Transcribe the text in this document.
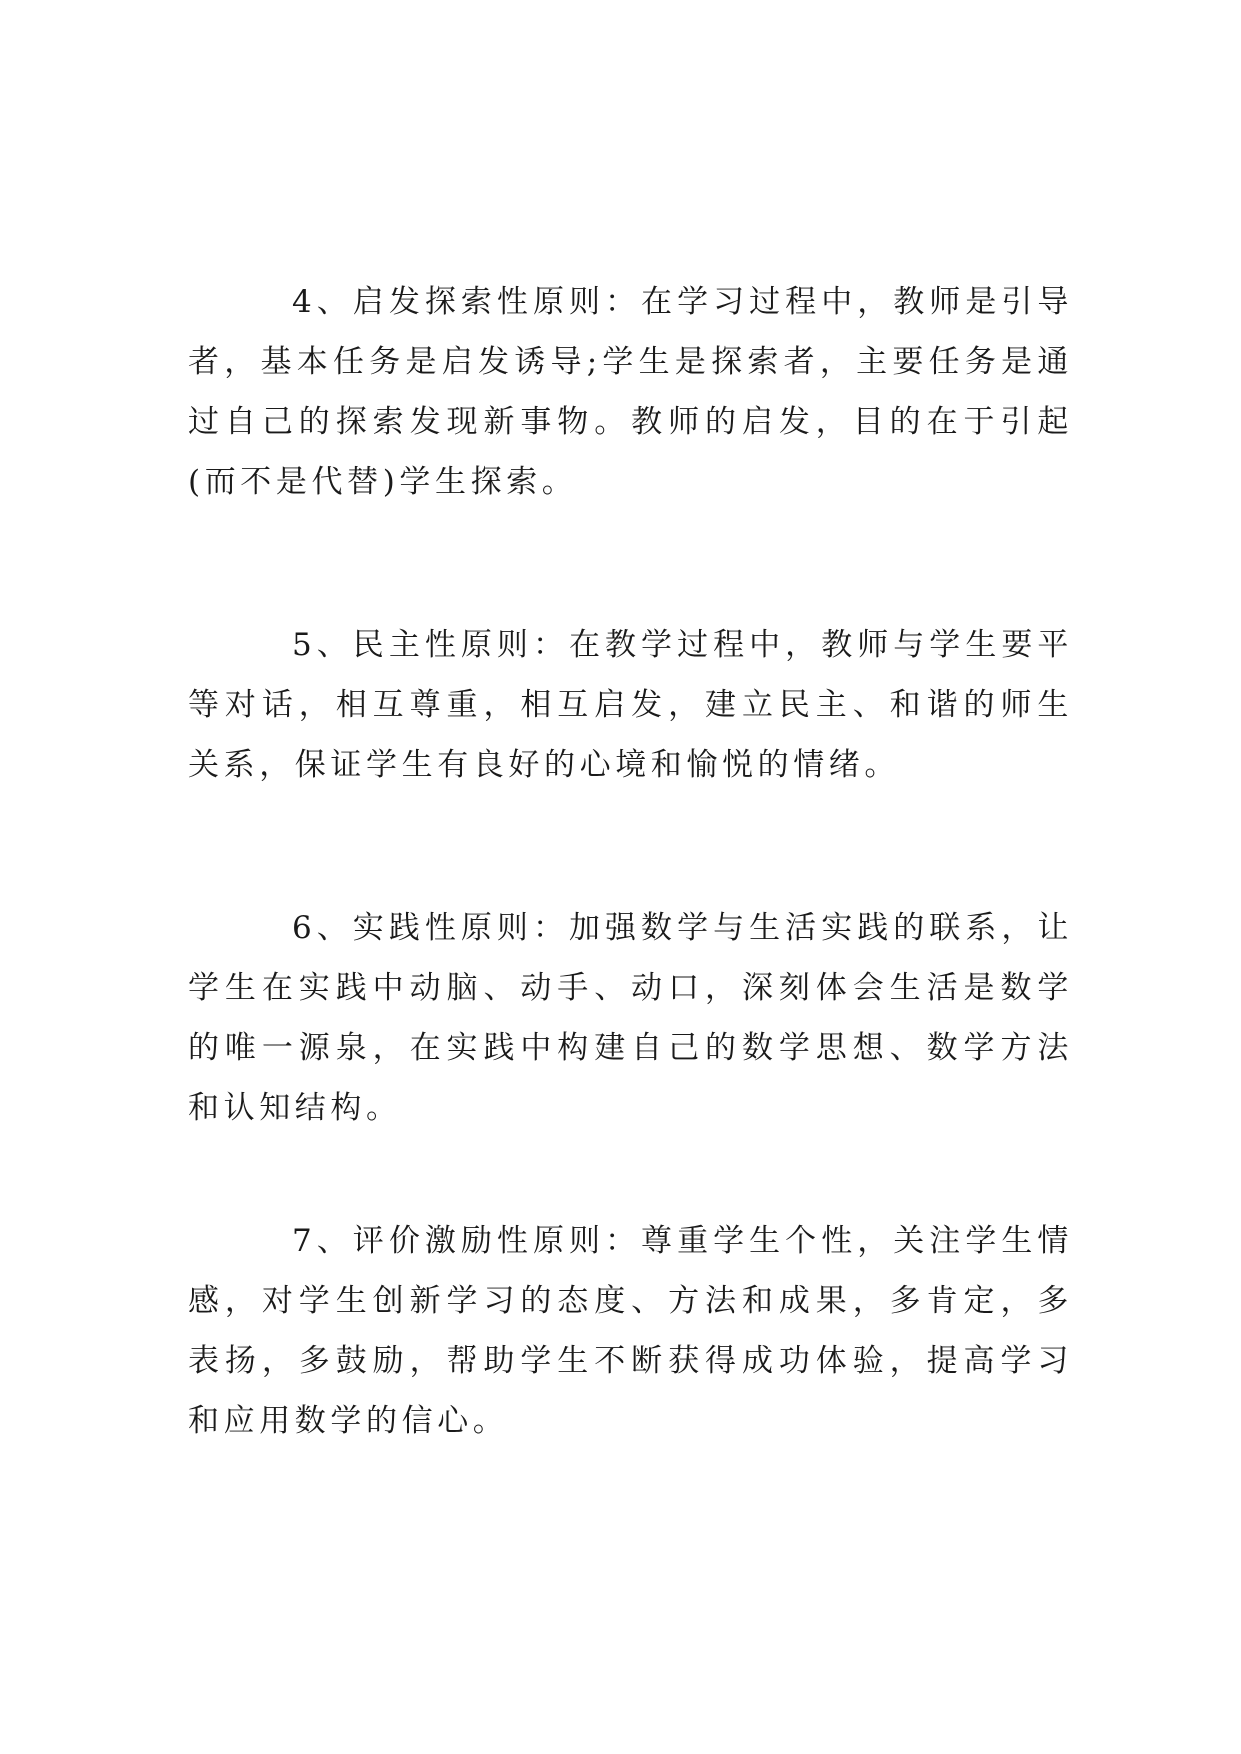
4、启发探索性原则：在学习过程中，教师是引导者，基本任务是启发诱导;学生是探索者，主要任务是通过自己的探索发现新事物。教师的启发，目的在于引起(而不是代替)学生探索。

5、民主性原则：在教学过程中，教师与学生要平等对话，相互尊重，相互启发，建立民主、和谐的师生关系，保证学生有良好的心境和愉悦的情绪。

6、实践性原则：加强数学与生活实践的联系，让学生在实践中动脑、动手、动口，深刻体会生活是数学的唯一源泉，在实践中构建自己的数学思想、数学方法和认知结构。

7、评价激励性原则：尊重学生个性，关注学生情感，对学生创新学习的态度、方法和成果，多肯定，多表扬，多鼓励，帮助学生不断获得成功体验，提高学习和应用数学的信心。
